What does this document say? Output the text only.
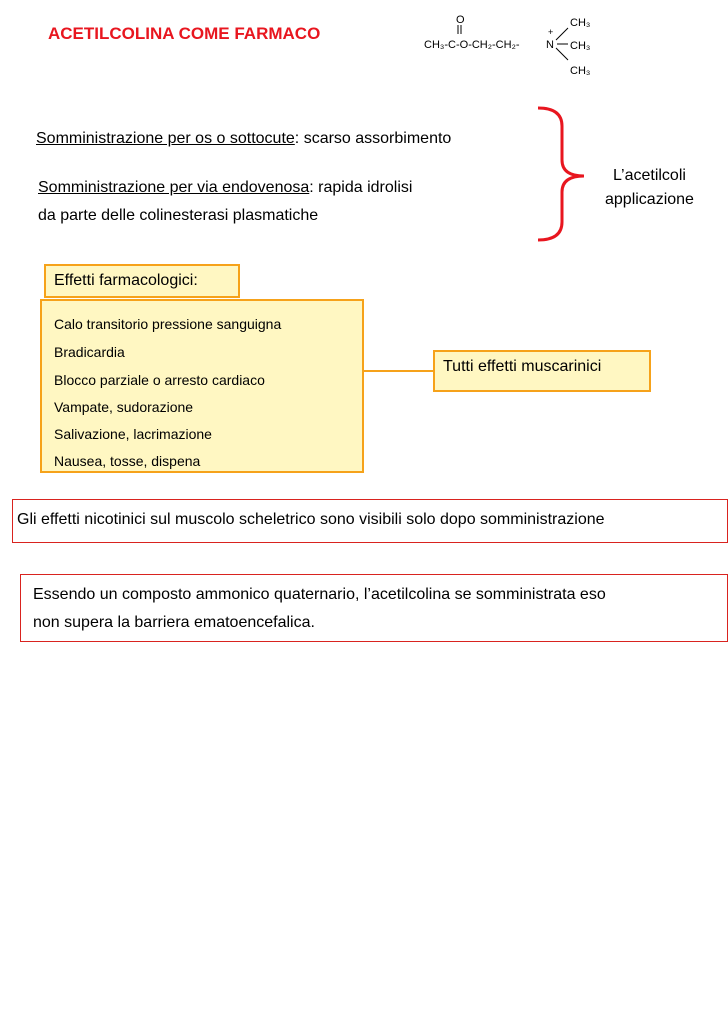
ACETILCOLINA COME FARMACO
O
CH₃-C-O-CH₂-CH₂- N
+
CH₃
CH₃
CH₃
Somministrazione per os o sottocute: scarso assorbimento
Somministrazione per via endovenosa: rapida idrolisi
da parte delle colinesterasi plasmatiche
L’acetilcoli
applicazione
Effetti farmacologici:
Calo transitorio pressione sanguigna
Bradicardia
Blocco parziale o arresto cardiaco
Vampate, sudorazione
Salivazione, lacrimazione
Nausea, tosse, dispena
Tutti effetti muscarinici
Gli effetti nicotinici sul muscolo scheletrico sono visibili solo dopo somministrazione
Essendo un composto ammonico quaternario, l’acetilcolina se somministrata eso
non supera la barriera ematoencefalica.
